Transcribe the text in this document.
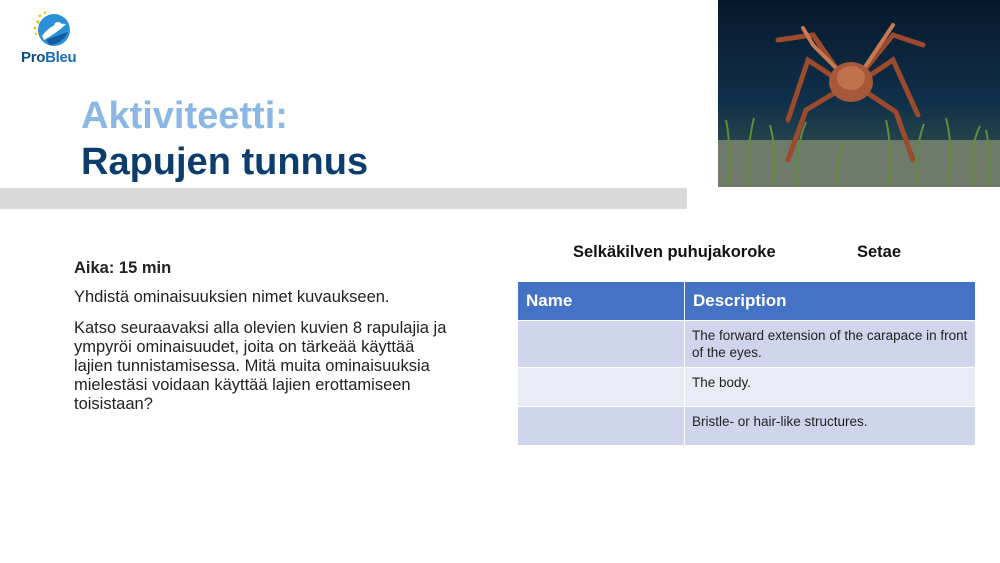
ProBleu
Aktiviteetti:
Rapujen tunnus

Aika: 15 min

Yhdistä ominaisuuksien nimet kuvaukseen.

Katso seuraavaksi alla olevien kuvien 8 rapulajia ja ympyröi ominaisuudet, joita on tärkeää käyttää lajien tunnistamisessa. Mitä muita ominaisuuksia mielestäsi voidaan käyttää lajien erottamiseen toisistaan?

Selkäkilven puhujakoroke	Setae
Name	Description
	The forward extension of the carapace in front of the eyes.
	The body.
	Bristle- or hair-like structures.
